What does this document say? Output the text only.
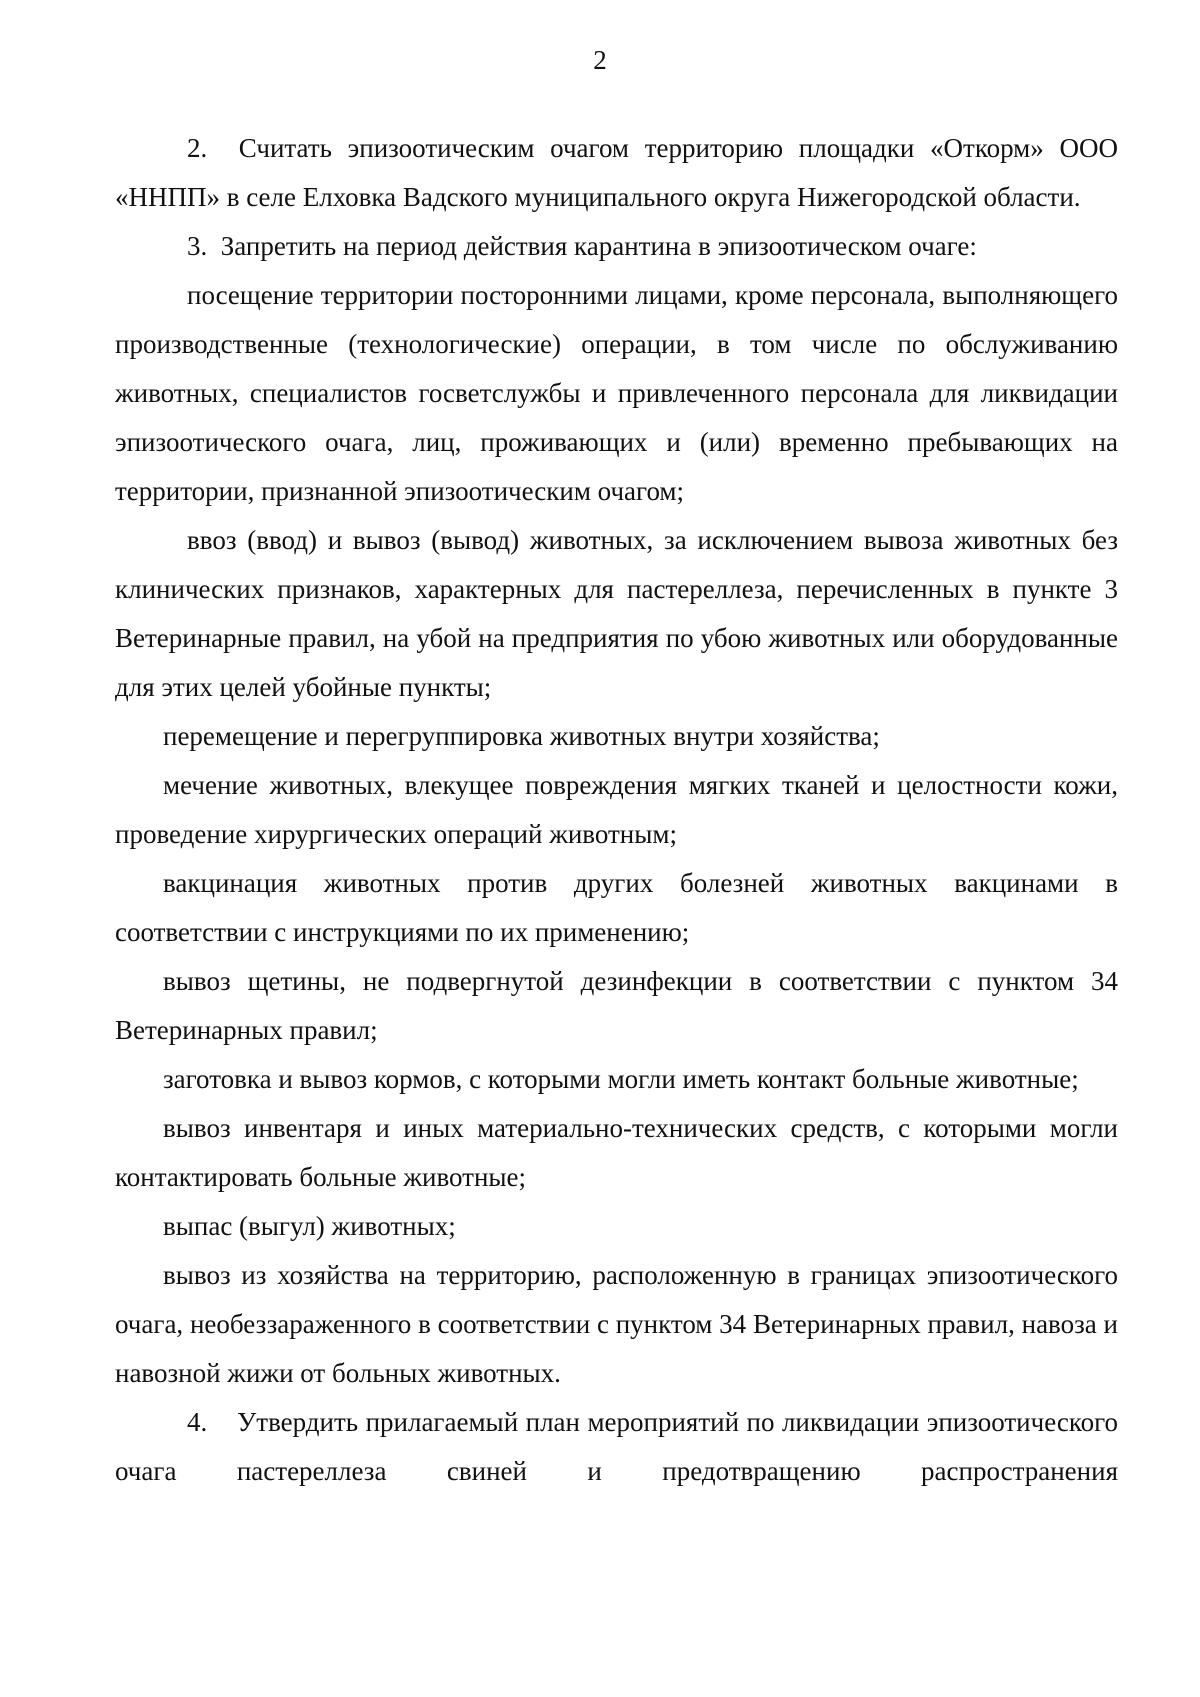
2

2.  Считать эпизоотическим очагом территорию площадки «Откорм» ООО «ННПП» в селе Елховка Вадского муниципального округа Нижегородской области.

3.  Запретить на период действия карантина в эпизоотическом очаге:

посещение территории посторонними лицами, кроме персонала, выполняющего производственные (технологические) операции, в том числе по обслуживанию животных, специалистов госветслужбы и привлеченного персонала для ликвидации эпизоотического очага, лиц, проживающих и (или) временно пребывающих на территории, признанной эпизоотическим очагом;

ввоз (ввод) и вывоз (вывод) животных, за исключением вывоза животных без клинических признаков, характерных для пастереллеза, перечисленных в пункте 3 Ветеринарные правил, на убой на предприятия по убою животных или оборудованные для этих целей убойные пункты;

перемещение и перегруппировка животных внутри хозяйства;

мечение животных, влекущее повреждения мягких тканей и целостности кожи, проведение хирургических операций животным;

вакцинация животных против других болезней животных вакцинами в соответствии с инструкциями по их применению;

вывоз щетины, не подвергнутой дезинфекции в соответствии с пунктом 34 Ветеринарных правил;

заготовка и вывоз кормов, с которыми могли иметь контакт больные животные;

вывоз инвентаря и иных материально-технических средств, с которыми могли контактировать больные животные;

выпас (выгул) животных;

вывоз из хозяйства на территорию, расположенную в границах эпизоотического очага, необеззараженного в соответствии с пунктом 34 Ветеринарных правил, навоза и навозной жижи от больных животных.

4.    Утвердить прилагаемый план мероприятий по ликвидации эпизоотического очага пастереллеза свиней и предотвращению распространения
